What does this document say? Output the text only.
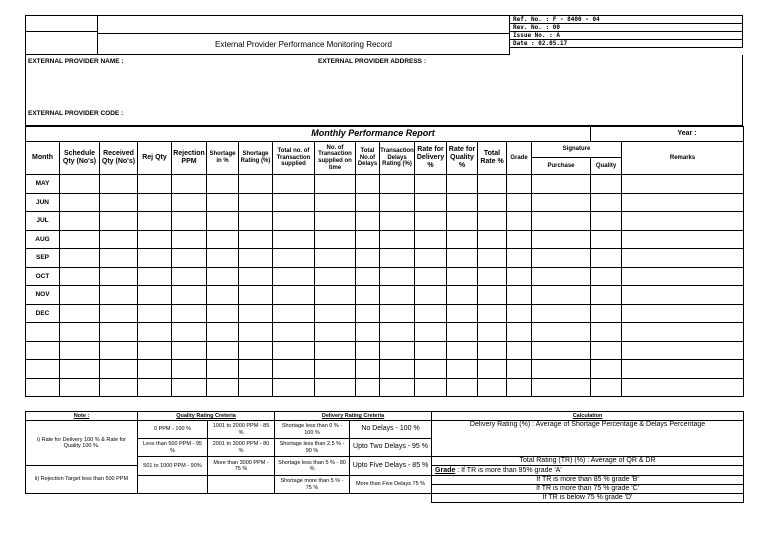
External Provider Performance Monitoring Record
Ref. No. : F - 8400 - 04
Rev. No. : 00
Issue No. : A
Date : 02.05.17
EXTERNAL PROVIDER NAME :	EXTERNAL PROVIDER ADDRESS :
EXTERNAL PROVIDER CODE :
Monthly Performance Report																Year :	
Month	Schedule Qty (No's)	Received Qty (No's)	Rej Qty	Rejection PPM	Shortage in %	Shortage Rating (%)	Total no. of Transaction supplied	No. of Transaction supplied on time	Total No.of Delays	Transaction Delays Rating (%)	Rate for Delivery %	Rate for Quality %	Total Rate %	Grade	Signature		Remarks
															Purchase	Quality	
MAY																	
JUN																	
JUL																	
AUG																	
SEP																	
OCT																	
NOV																	
DEC																	

Note :	Quality Rating Creteria		Delivery Rating Creteria		Calculation
i) Rate for Delivery 100 % & Rate for Quality 100 %.	0 PPM - 100 %	1001 to 2000 PPM - 85 %	Shortage less than 0 % - 100 %	No Delays - 100 %	Delivery Rating (%) : Average of Shortage Percentage & Delays Percentage
	Less than 500 PPM - 95 %	2001 to 3000 PPM - 80 %	Shortage less than 2.5 % - 90 %	Upto Two Delays - 95 %	
	501 to 1000 PPM - 90%	More than 3000 PPM - 75 %	Shortage less than 5 % - 80 %	Upto Five Delays - 85 %	Total Rating (TR) (%) : Average of QR & DR
ii) Rejection Target less than 500 PPM					Grade : If TR is more than 95% grade 'A'
			Shortage more than 5 % - 75 %	More than Five Delays 75 %	If TR is more than 85 % grade 'B'
					If TR is more than 75 % grade 'C'
					If TR is below 75 % grade 'D'
